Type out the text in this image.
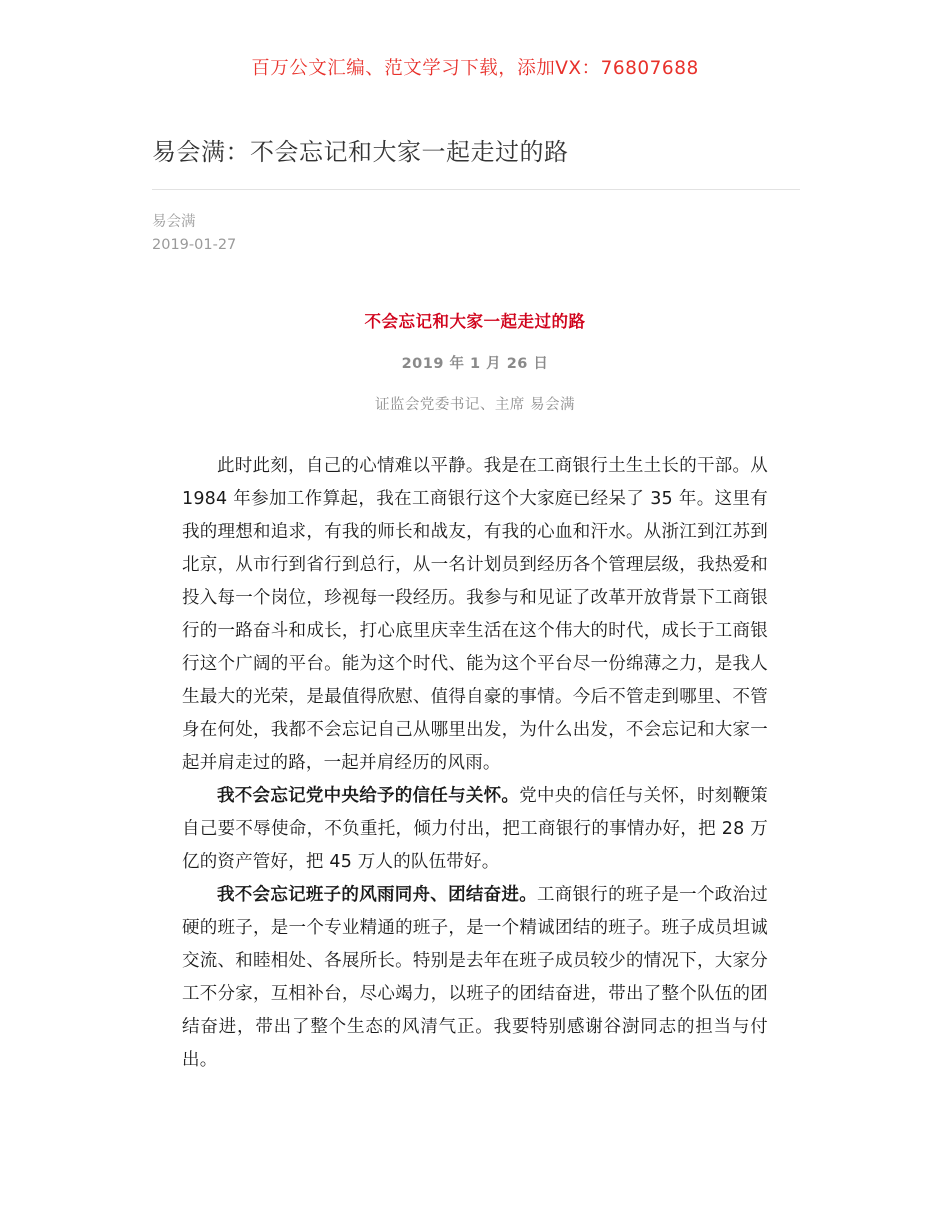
百万公文汇编、范文学习下载，添加VX：76807688
易会满：不会忘记和大家一起走过的路
易会满
2019-01-27
不会忘记和大家一起走过的路
2019 年 1 月 26 日
证监会党委书记、主席 易会满

此时此刻，自己的心情难以平静。我是在工商银行土生土长的干部。从 1984 年参加工作算起，我在工商银行这个大家庭已经呆了 35 年。这里有我的理想和追求，有我的师长和战友，有我的心血和汗水。从浙江到江苏到北京，从市行到省行到总行，从一名计划员到经历各个管理层级，我热爱和投入每一个岗位，珍视每一段经历。我参与和见证了改革开放背景下工商银行的一路奋斗和成长，打心底里庆幸生活在这个伟大的时代，成长于工商银行这个广阔的平台。能为这个时代、能为这个平台尽一份绵薄之力，是我人生最大的光荣，是最值得欣慰、值得自豪的事情。今后不管走到哪里、不管身在何处，我都不会忘记自己从哪里出发，为什么出发，不会忘记和大家一起并肩走过的路，一起并肩经历的风雨。

我不会忘记党中央给予的信任与关怀。党中央的信任与关怀，时刻鞭策自己要不辱使命，不负重托，倾力付出，把工商银行的事情办好，把 28 万亿的资产管好，把 45 万人的队伍带好。

我不会忘记班子的风雨同舟、团结奋进。工商银行的班子是一个政治过硬的班子，是一个专业精通的班子，是一个精诚团结的班子。班子成员坦诚交流、和睦相处、各展所长。特别是去年在班子成员较少的情况下，大家分工不分家，互相补台，尽心竭力，以班子的团结奋进，带出了整个队伍的团结奋进，带出了整个生态的风清气正。我要特别感谢谷澍同志的担当与付出。
